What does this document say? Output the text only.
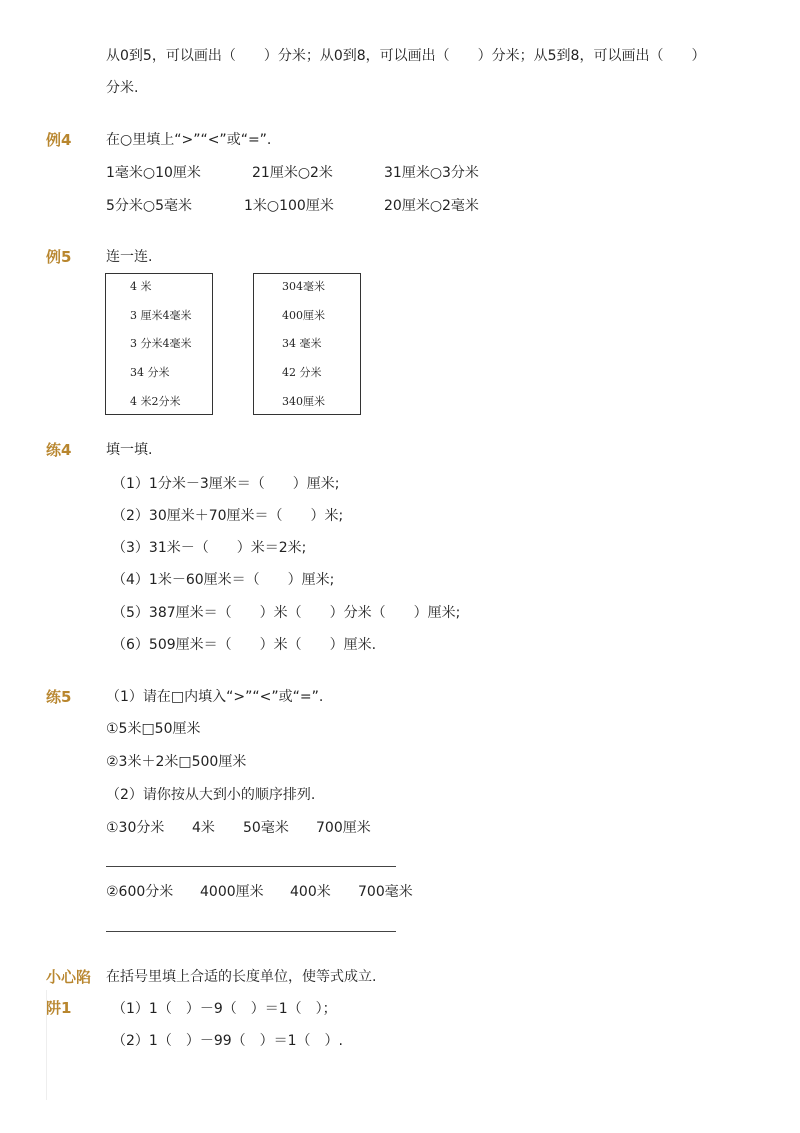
从0到5，可以画出（　　）分米；从0到8，可以画出（　　）分米；从5到8，可以画出（　　）
分米.
例4 在○里填上“>”“<”或“=”.
1毫米○10厘米	21厘米○2米	31厘米○3分米
5分米○5毫米	1米○100厘米	20厘米○2毫米
例5 连一连.
4 米
3 厘米4毫米
3 分米4毫米
34 分米
4 米2分米
304毫米
400厘米
34 毫米
42 分米
340厘米
练4 填一填.
（1）1分米－3厘米＝（　　）厘米;
（2）30厘米＋70厘米＝（　　）米;
（3）31米－（　　）米＝2米;
（4）1米－60厘米＝（　　）厘米;
（5）387厘米＝（　　）米（　　）分米（　　）厘米;
（6）509厘米＝（　　）米（　　）厘米.
练5 （1）请在□内填入“>”“<”或“=”.
①5米□50厘米
②3米＋2米□500厘米
（2）请你按从大到小的顺序排列.
①30分米 4米 50毫米 700厘米
②600分米 4000厘米 400米 700毫米
小心陷
阱1
在括号里填上合适的长度单位，使等式成立.
（1）1（　）－9（　）＝1（　）；
（2）1（　）－99（　）＝1（　）.
